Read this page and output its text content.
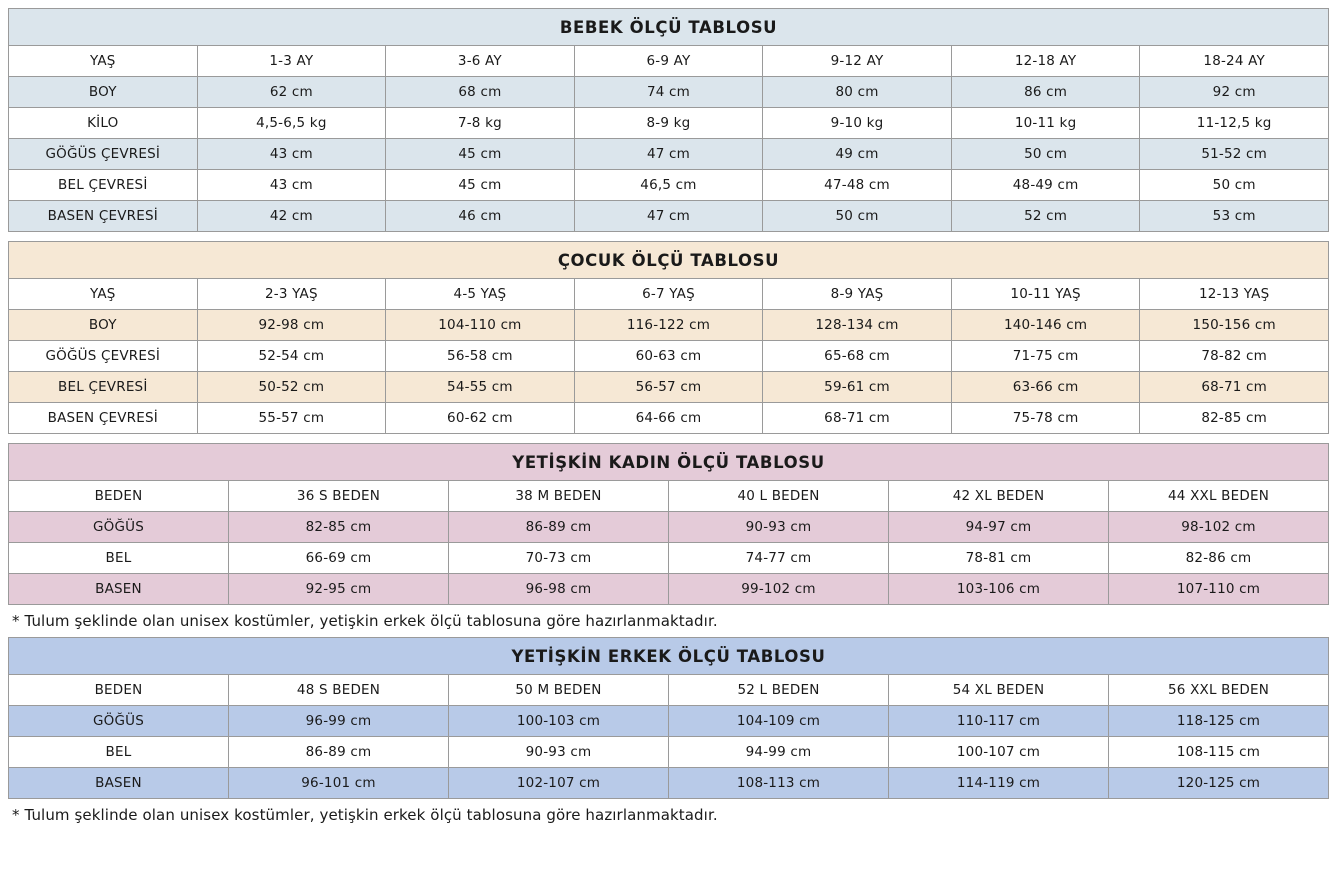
BEBEK ÖLÇÜ TABLOSU						
YAŞ	1-3 AY	3-6 AY	6-9 AY	9-12 AY	12-18 AY	18-24 AY
BOY	62 cm	68 cm	74 cm	80 cm	86 cm	92 cm
KİLO	4,5-6,5 kg	7-8 kg	8-9 kg	9-10 kg	10-11 kg	11-12,5 kg
GÖĞÜS ÇEVRESİ	43 cm	45 cm	47 cm	49 cm	50 cm	51-52 cm
BEL ÇEVRESİ	43 cm	45 cm	46,5 cm	47-48 cm	48-49 cm	50 cm
BASEN ÇEVRESİ	42 cm	46 cm	47 cm	50 cm	52 cm	53 cm
ÇOCUK ÖLÇÜ TABLOSU						
YAŞ	2-3 YAŞ	4-5 YAŞ	6-7 YAŞ	8-9 YAŞ	10-11 YAŞ	12-13 YAŞ
BOY	92-98 cm	104-110 cm	116-122 cm	128-134 cm	140-146 cm	150-156 cm
GÖĞÜS ÇEVRESİ	52-54 cm	56-58 cm	60-63 cm	65-68 cm	71-75 cm	78-82 cm
BEL ÇEVRESİ	50-52 cm	54-55 cm	56-57 cm	59-61 cm	63-66 cm	68-71 cm
BASEN ÇEVRESİ	55-57 cm	60-62 cm	64-66 cm	68-71 cm	75-78 cm	82-85 cm
YETİŞKİN KADIN ÖLÇÜ TABLOSU					
BEDEN	36 S BEDEN	38 M BEDEN	40 L BEDEN	42 XL BEDEN	44 XXL BEDEN
GÖĞÜS	82-85 cm	86-89 cm	90-93 cm	94-97 cm	98-102 cm
BEL	66-69 cm	70-73 cm	74-77 cm	78-81 cm	82-86 cm
BASEN	92-95 cm	96-98 cm	99-102 cm	103-106 cm	107-110 cm
* Tulum şeklinde olan unisex kostümler, yetişkin erkek ölçü tablosuna göre hazırlanmaktadır.
YETİŞKİN ERKEK ÖLÇÜ TABLOSU					
BEDEN	48 S BEDEN	50 M BEDEN	52 L BEDEN	54 XL BEDEN	56 XXL BEDEN
GÖĞÜS	96-99 cm	100-103 cm	104-109 cm	110-117 cm	118-125 cm
BEL	86-89 cm	90-93 cm	94-99 cm	100-107 cm	108-115 cm
BASEN	96-101 cm	102-107 cm	108-113 cm	114-119 cm	120-125 cm
* Tulum şeklinde olan unisex kostümler, yetişkin erkek ölçü tablosuna göre hazırlanmaktadır.
